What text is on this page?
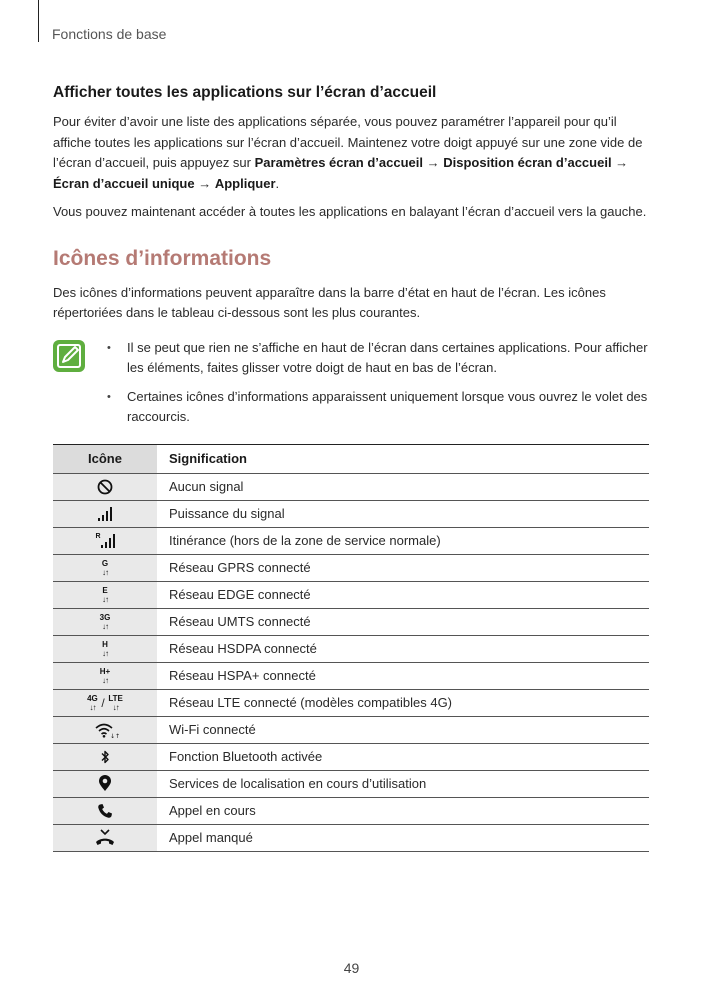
Fonctions de base
Afficher toutes les applications sur l’écran d’accueil

Pour éviter d’avoir une liste des applications séparée, vous pouvez paramétrer l’appareil pour qu’il affiche toutes les applications sur l’écran d’accueil. Maintenez votre doigt appuyé sur une zone vide de l’écran d’accueil, puis appuyez sur Paramètres écran d’accueil → Disposition écran d’accueil → Écran d’accueil unique → Appliquer.

Vous pouvez maintenant accéder à toutes les applications en balayant l’écran d’accueil vers la gauche.

Icônes d’informations

Des icônes d’informations peuvent apparaître dans la barre d’état en haut de l’écran. Les icônes répertoriées dans le tableau ci-dessous sont les plus courantes.

• Il se peut que rien ne s’affiche en haut de l’écran dans certaines applications. Pour afficher les éléments, faites glisser votre doigt de haut en bas de l’écran.
• Certaines icônes d’informations apparaissent uniquement lorsque vous ouvrez le volet des raccourcis.
Icône	Signification
	Aucun signal
	Puissance du signal
R	Itinérance (hors de la zone de service normale)

G
↓↑	Réseau GPRS connecté

E
↓↑	Réseau EDGE connecté

3G
↓↑	Réseau UMTS connecté

H
↓↑	Réseau HSDPA connecté

H+
↓↑	Réseau HSPA+ connecté

4G
↓↑ / LTE
↓↑	Réseau LTE connecté (modèles compatibles 4G)

↓↑	Wi-Fi connecté
	Fonction Bluetooth activée
	Services de localisation en cours d’utilisation
	Appel en cours
	Appel manqué
49
